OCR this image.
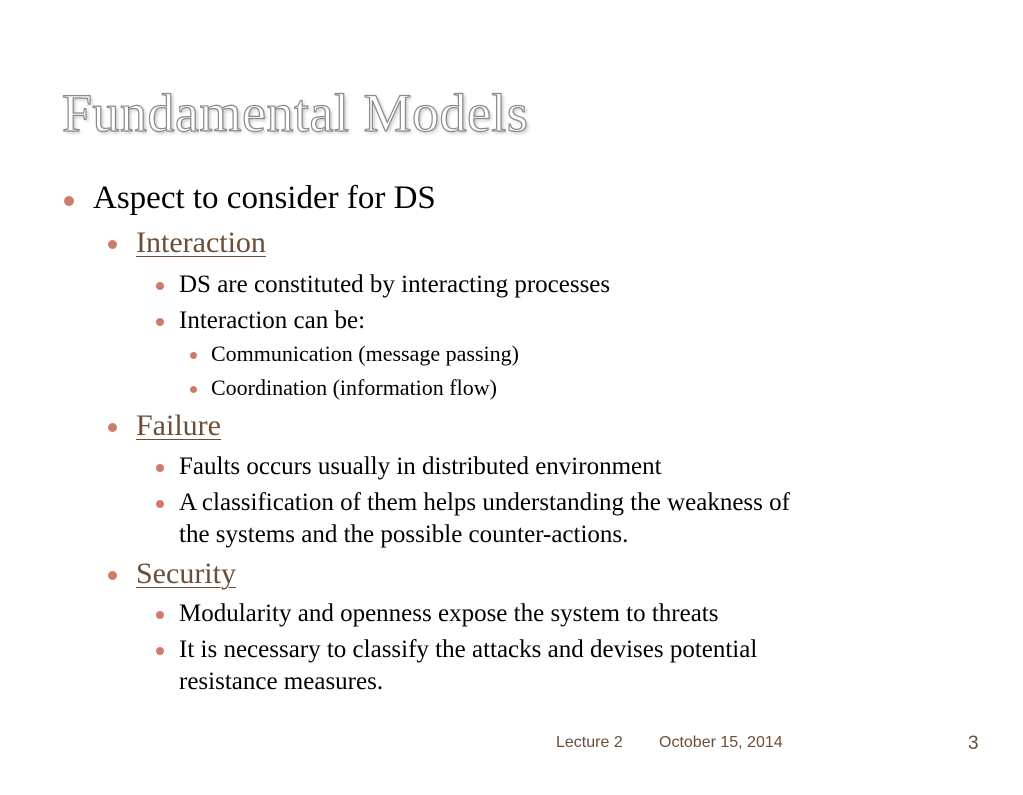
Fundamental Models
Aspect to consider for DS
Interaction
DS are constituted by interacting processes
Interaction can be:
Communication (message passing)
Coordination (information flow)
Failure
Faults occurs usually in distributed environment
A classification of them helps understanding the weakness of
the systems and the possible counter-actions.
Security
Modularity and openness expose the system to threats
It is necessary to classify the attacks and devises potential
resistance measures.
Lecture 2 October 15, 2014	3
